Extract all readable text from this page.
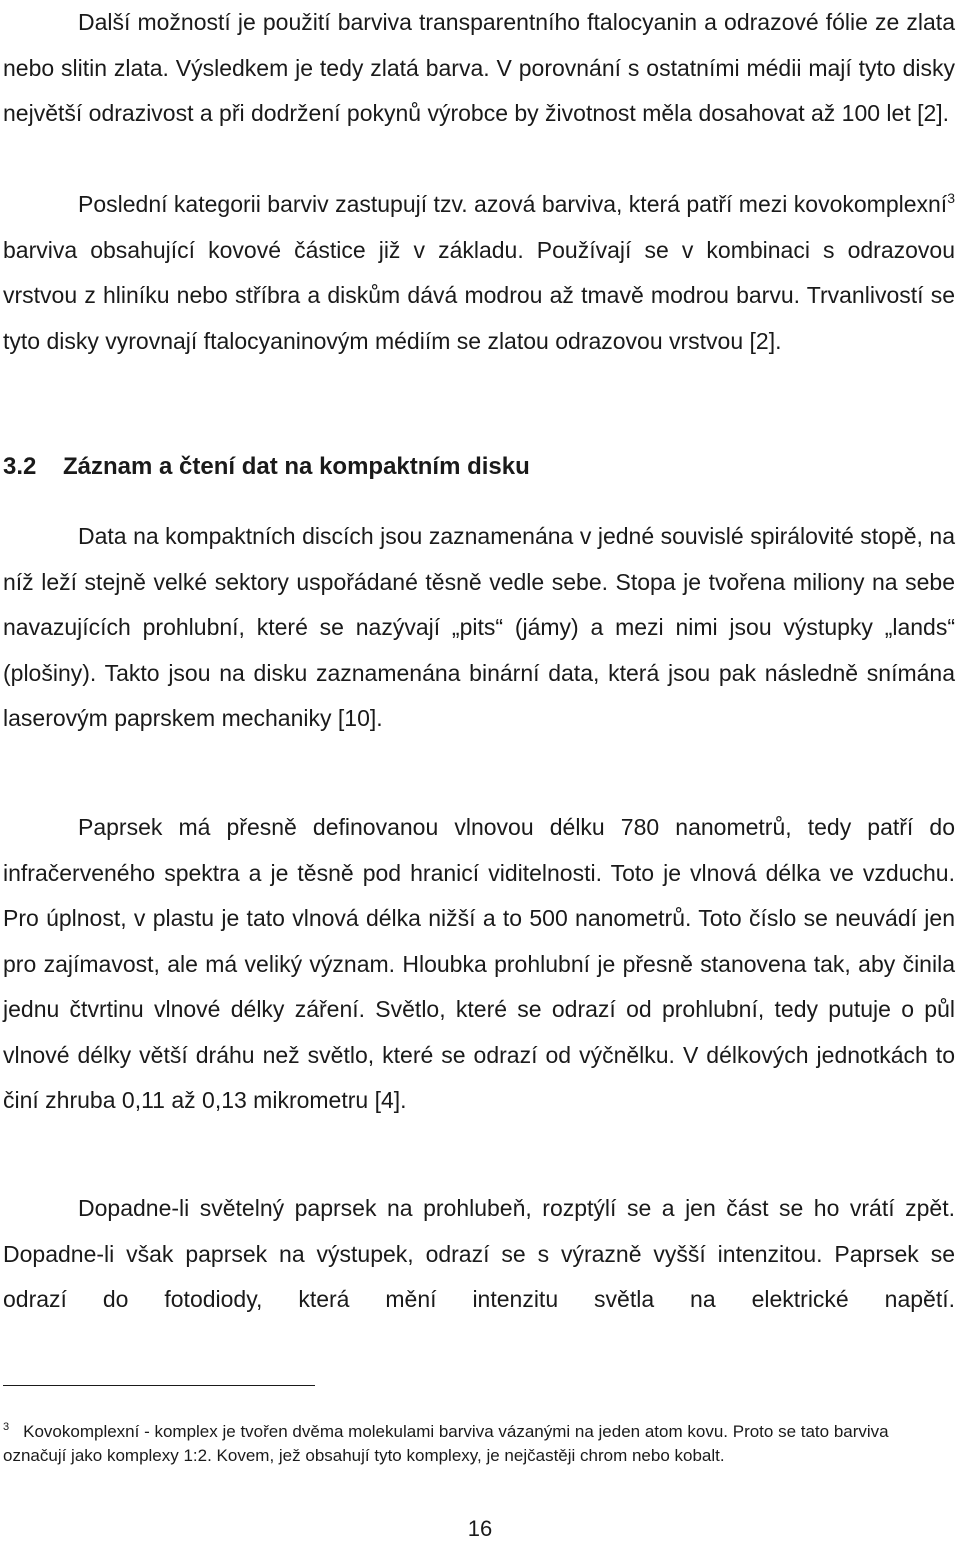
Další možností je použití barviva transparentního ftalocyanin a odrazové fólie ze zlata nebo slitin zlata. Výsledkem je tedy zlatá barva. V porovnání s ostatními médii mají tyto disky největší odrazivost a při dodržení pokynů výrobce by životnost měla dosahovat až 100 let [2].

Poslední kategorii barviv zastupují tzv. azová barviva, která patří mezi kovokomplexní$^3$ barviva obsahující kovové částice již v základu. Používají se v kombinaci s odrazovou vrstvou z hliníku nebo stříbra a diskům dává modrou až tmavě modrou barvu. Trvanlivostí se tyto disky vyrovnají ftalocyaninovým médiím se zlatou odrazovou vrstvou [2].

3.2 Záznam a čtení dat na kompaktním disku

Data na kompaktních discích jsou zaznamenána v jedné souvislé spirálovité stopě, na níž leží stejně velké sektory uspořádané těsně vedle sebe. Stopa je tvořena miliony na sebe navazujících prohlubní, které se nazývají „pits“ (jámy) a mezi nimi jsou výstupky „lands“ (plošiny). Takto jsou na disku zaznamenána binární data, která jsou pak následně snímána laserovým paprskem mechaniky [10].

Paprsek má přesně definovanou vlnovou délku 780 nanometrů, tedy patří do infračerveného spektra a je těsně pod hranicí viditelnosti. Toto je vlnová délka ve vzduchu. Pro úplnost, v plastu je tato vlnová délka nižší a to 500 nanometrů. Toto číslo se neuvádí jen pro zajímavost, ale má veliký význam. Hloubka prohlubní je přesně stanovena tak, aby činila jednu čtvrtinu vlnové délky záření. Světlo, které se odrazí od prohlubní, tedy putuje o půl vlnové délky větší dráhu než světlo, které se odrazí od výčnělku. V délkových jednotkách to činí zhruba 0,11 až 0,13 mikrometru [4].

Dopadne-li světelný paprsek na prohlubeň, rozptýlí se a jen část se ho vrátí zpět. Dopadne-li však paprsek na výstupek, odrazí se s výrazně vyšší intenzitou. Paprsek se odrazí do fotodiody, která mění intenzitu světla na elektrické napětí.

$^3$ Kovokomplexní - komplex je tvořen dvěma molekulami barviva vázanými na jeden atom kovu. Proto se tato barviva označují jako komplexy 1:2. Kovem, jež obsahují tyto komplexy, je nejčastěji chrom nebo kobalt.

16
